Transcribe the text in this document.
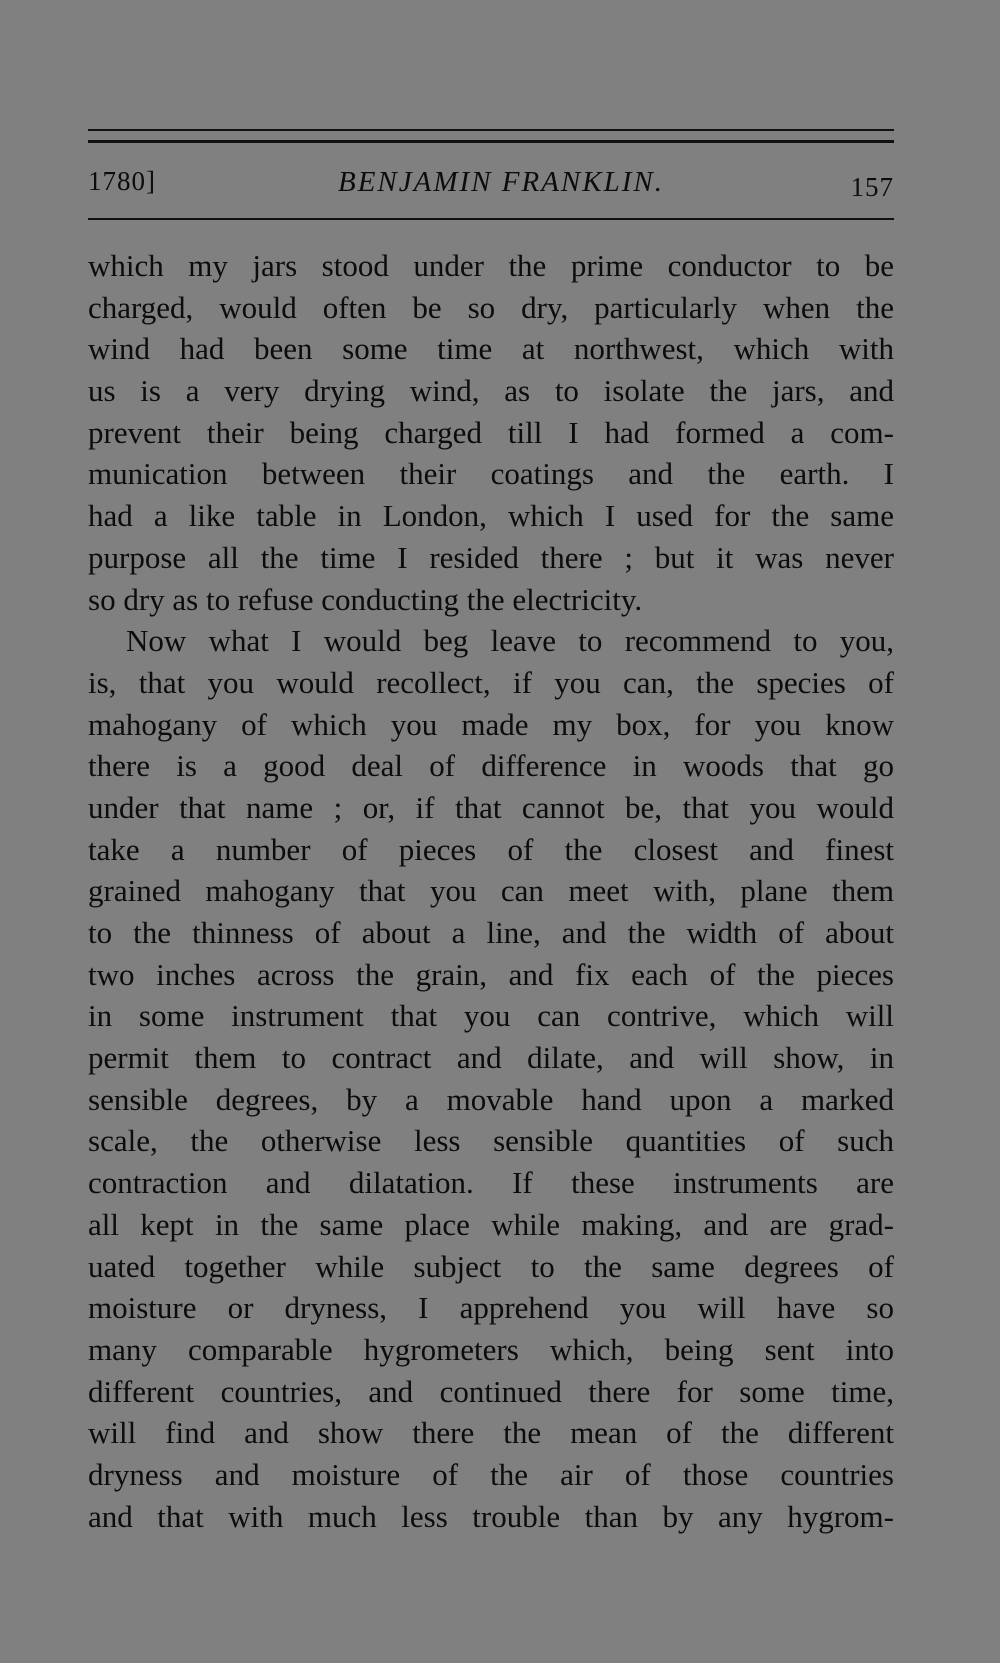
1780]	BENJAMIN FRANKLIN.	157
which my jars stood under the prime conductor to be
charged, would often be so dry, particularly when the
wind had been some time at northwest, which with
us is a very drying wind, as to isolate the jars, and
prevent their being charged till I had formed a com-
munication between their coatings and the earth. I
had a like table in London, which I used for the same
purpose all the time I resided there ; but it was never
so dry as to refuse conducting the electricity.
Now what I would beg leave to recommend to you,
is, that you would recollect, if you can, the species of
mahogany of which you made my box, for you know
there is a good deal of difference in woods that go
under that name ; or, if that cannot be, that you would
take a number of pieces of the closest and finest
grained mahogany that you can meet with, plane them
to the thinness of about a line, and the width of about
two inches across the grain, and fix each of the pieces
in some instrument that you can contrive, which will
permit them to contract and dilate, and will show, in
sensible degrees, by a movable hand upon a marked
scale, the otherwise less sensible quantities of such
contraction and dilatation. If these instruments are
all kept in the same place while making, and are grad-
uated together while subject to the same degrees of
moisture or dryness, I apprehend you will have so
many comparable hygrometers which, being sent into
different countries, and continued there for some time,
will find and show there the mean of the different
dryness and moisture of the air of those countries
and that with much less trouble than by any hygrom-
